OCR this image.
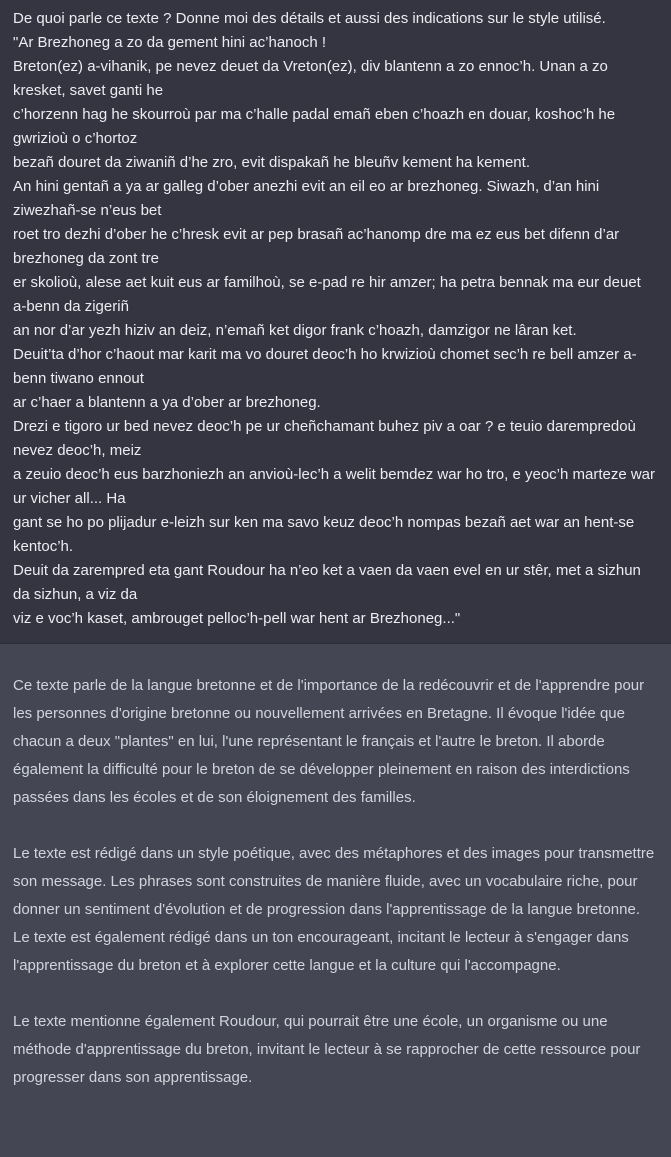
De quoi parle ce texte ? Donne moi des détails et aussi des indications sur le style utilisé.
"Ar Brezhoneg a zo da gement hini ac’hanoch !
Breton(ez) a-vihanik, pe nevez deuet da Vreton(ez), div blantenn a zo ennoc’h. Unan a zo kresket, savet ganti he
c’horzenn hag he skourroù par ma c’halle padal emañ eben c’hoazh en douar, koshoc’h he gwrizioù o c’hortoz
bezañ douret da ziwaniñ d’he zro, evit dispakañ he bleuñv kement ha kement.
An hini gentañ a ya ar galleg d’ober anezhi evit an eil eo ar brezhoneg. Siwazh, d’an hini ziwezhañ-se n’eus bet
roet tro dezhi d’ober he c’hresk evit ar pep brasañ ac’hanomp dre ma ez eus bet difenn d’ar brezhoneg da zont tre
er skolioù, alese aet kuit eus ar familhoù, se e-pad re hir amzer; ha petra bennak ma eur deuet a-benn da zigeriñ
an nor d’ar yezh hiziv an deiz, n’emañ ket digor frank c’hoazh, damzigor ne lâran ket.
Deuit’ta d’hor c’haout mar karit ma vo douret deoc’h ho krwizioù chomet sec’h re bell amzer a-benn tiwano ennout
ar c’haer a blantenn a ya d’ober ar brezhoneg.
Drezi e tigoro ur bed nevez deoc’h pe ur cheñchamant buhez piv a oar ? e teuio darempredoù nevez deoc’h, meiz
a zeuio deoc’h eus barzhoniezh an anvioù-lec’h a welit bemdez war ho tro, e yeoc’h marteze war ur vicher all... Ha
gant se ho po plijadur e-leizh sur ken ma savo keuz deoc’h nompas bezañ aet war an hent-se kentoc’h.
Deuit da zarempred eta gant Roudour ha n’eo ket a vaen da vaen evel en ur stêr, met a sizhun da sizhun, a viz da
viz e voc’h kaset, ambrouget pelloc’h-pell war hent ar Brezhoneg..."

Ce texte parle de la langue bretonne et de l'importance de la redécouvrir et de l'apprendre pour les personnes d'origine bretonne ou nouvellement arrivées en Bretagne. Il évoque l'idée que chacun a deux "plantes" en lui, l'une représentant le français et l'autre le breton. Il aborde également la difficulté pour le breton de se développer pleinement en raison des interdictions passées dans les écoles et de son éloignement des familles.

Le texte est rédigé dans un style poétique, avec des métaphores et des images pour transmettre son message. Les phrases sont construites de manière fluide, avec un vocabulaire riche, pour donner un sentiment d'évolution et de progression dans l'apprentissage de la langue bretonne. Le texte est également rédigé dans un ton encourageant, incitant le lecteur à s'engager dans l'apprentissage du breton et à explorer cette langue et la culture qui l'accompagne.

Le texte mentionne également Roudour, qui pourrait être une école, un organisme ou une méthode d'apprentissage du breton, invitant le lecteur à se rapprocher de cette ressource pour progresser dans son apprentissage.
